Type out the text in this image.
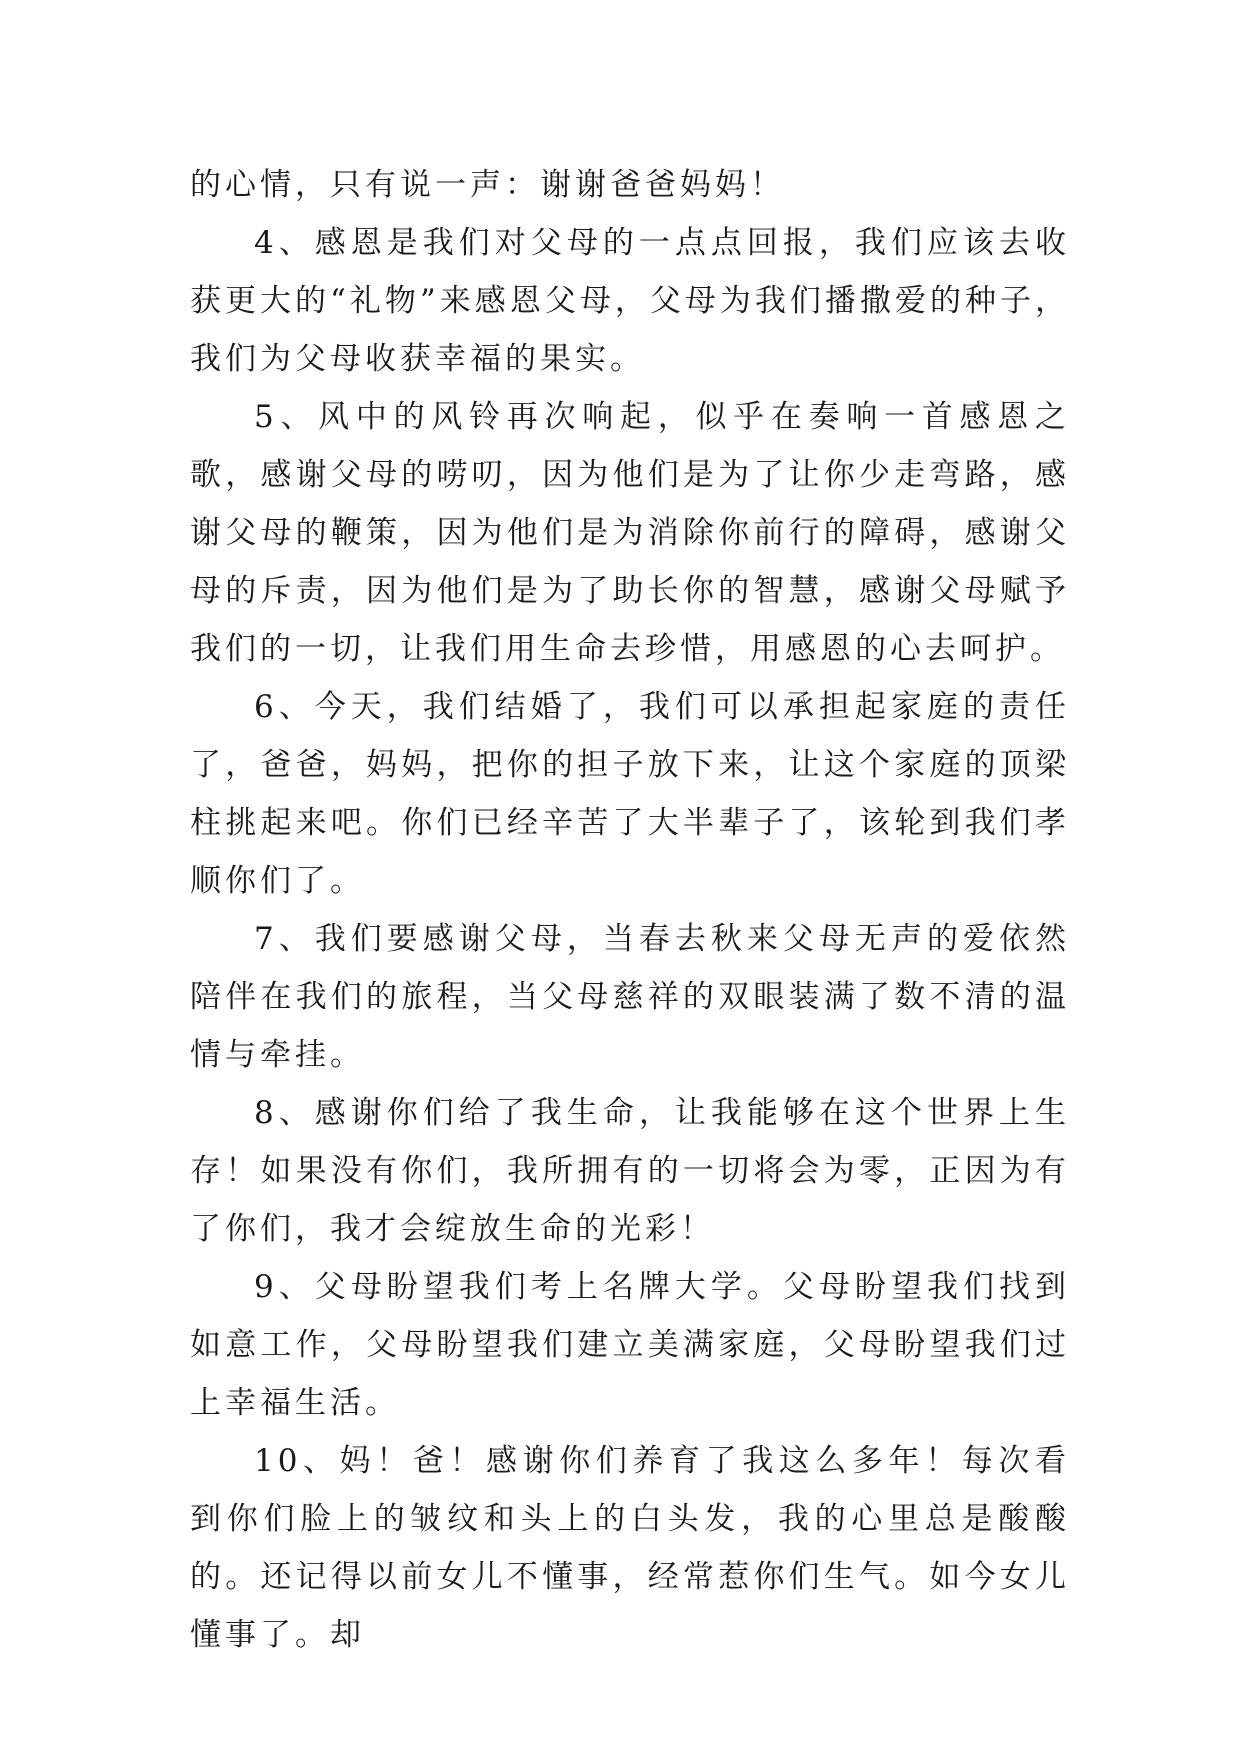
的心情，只有说一声：谢谢爸爸妈妈！

4、感恩是我们对父母的一点点回报，我们应该去收获更大的“礼物”来感恩父母，父母为我们播撒爱的种子，我们为父母收获幸福的果实。

5、风中的风铃再次响起，似乎在奏响一首感恩之歌，感谢父母的唠叨，因为他们是为了让你少走弯路，感谢父母的鞭策，因为他们是为消除你前行的障碍，感谢父母的斥责，因为他们是为了助长你的智慧，感谢父母赋予我们的一切，让我们用生命去珍惜，用感恩的心去呵护。

6、今天，我们结婚了，我们可以承担起家庭的责任了，爸爸，妈妈，把你的担子放下来，让这个家庭的顶梁柱挑起来吧。你们已经辛苦了大半辈子了，该轮到我们孝顺你们了。

7、我们要感谢父母，当春去秋来父母无声的爱依然陪伴在我们的旅程，当父母慈祥的双眼装满了数不清的温情与牵挂。

8、感谢你们给了我生命，让我能够在这个世界上生存！如果没有你们，我所拥有的一切将会为零，正因为有了你们，我才会绽放生命的光彩！

9、父母盼望我们考上名牌大学。父母盼望我们找到如意工作，父母盼望我们建立美满家庭，父母盼望我们过上幸福生活。

10、妈！爸！感谢你们养育了我这么多年！每次看到你们脸上的皱纹和头上的白头发，我的心里总是酸酸的。还记得以前女儿不懂事，经常惹你们生气。如今女儿懂事了。却
